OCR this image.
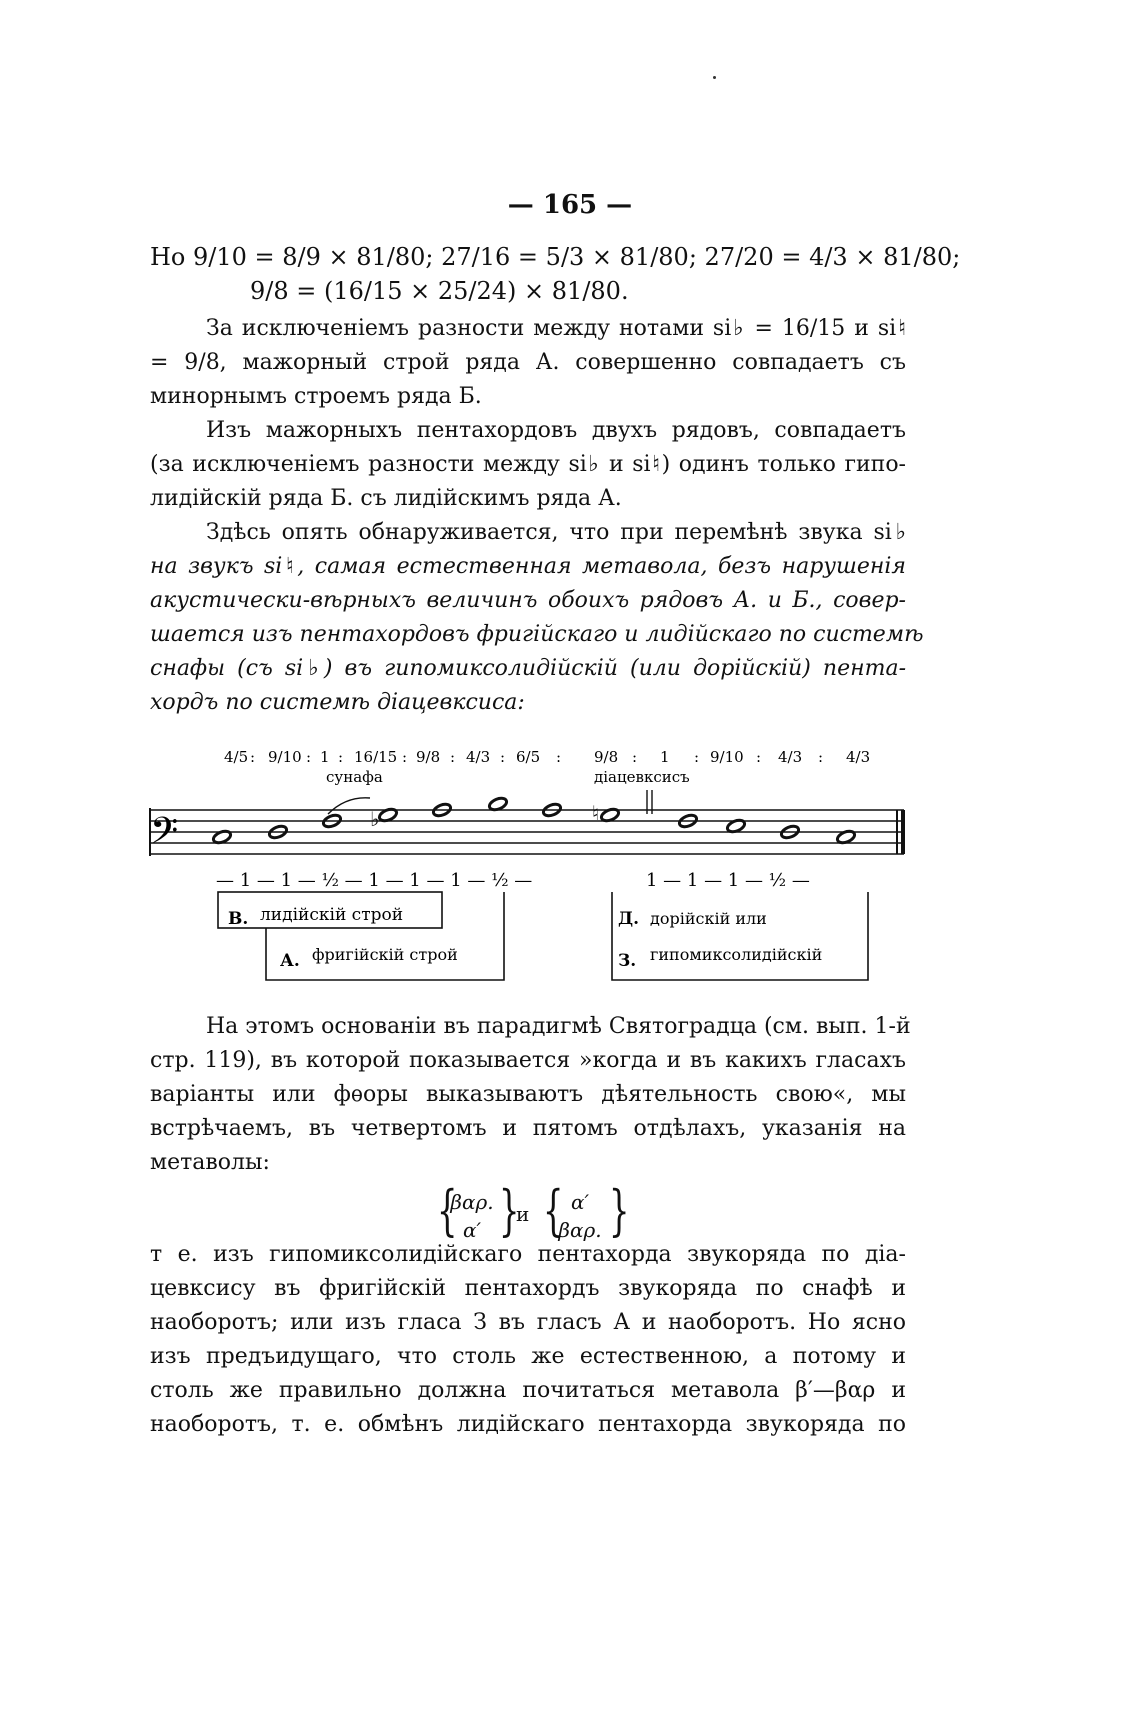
— 165 —
Но 9/10 = 8/9 × 81/80; 27/16 = 5/3 × 81/80; 27/20 = 4/3 × 81/80;
9/8 = (16/15 × 25/24) × 81/80.
За исключеніемъ разности между нотами si♭ = 16/15 и si♮
= 9/8, мажорный строй ряда А. совершенно совпадаетъ съ
минорнымъ строемъ ряда Б.
Изъ мажорныхъ пентахордовъ двухъ рядовъ, совпадаетъ
(за исключеніемъ разности между si♭ и si♮) одинъ только гипо-
лидійскій ряда Б. съ лидійскимъ ряда А.
Здѣсь опять обнаруживается, что при перемѣнѣ звука si♭
на звукъ si♮, самая естественная метавола, безъ нарушенія
акустически-вѣрныхъ величинъ обоихъ рядовъ А. и Б., совер-
шается изъ пентахордовъ фригійскаго и лидійскаго по системѣ
снафы (съ si♭) въ гипомиксолидійскій (или дорійскій) пента-
хордъ по системѣ діацевксиса:
4/5 : 9/10 : 1 : 16/15 : 9/8 : 4/3 : 6/5 : 9/8 : 1 : 9/10 : 4/3 : 4/3
сунафа	діацевксисъ
𝄢	♭	♮
— 1 — 1 — ½ — 1 — 1 — 1 — ½ —	1 — 1 — 1 — ½ —
В. лидійскій строй
А. фригійскій строй
Д. дорійскій или
З. гипомиксолидійскій
На этомъ основаніи въ парадигмѣ Святоградца (см. вып. 1-й
стр. 119), въ которой показывается »когда и въ какихъ гласахъ
варіанты или фѳоры выказываютъ дѣятельность свою«, мы
встрѣчаемъ, въ четвертомъ и пятомъ отдѣлахъ, указанія на
метаволы:
{
βαρ.
α′ }
и { α′
βαρ. }
т е. изъ гипомиксолидійскаго пентахорда звукоряда по діа-
цевксису въ фригійскій пентахордъ звукоряда по снафѣ и
наоборотъ; или изъ гласа З въ гласъ А и наоборотъ. Но ясно
изъ предъидущаго, что столь же естественною, а потому и
столь же правильно должна почитаться метавола β′—βαρ и
наоборотъ, т. е. обмѣнъ лидійскаго пентахорда звукоряда по
